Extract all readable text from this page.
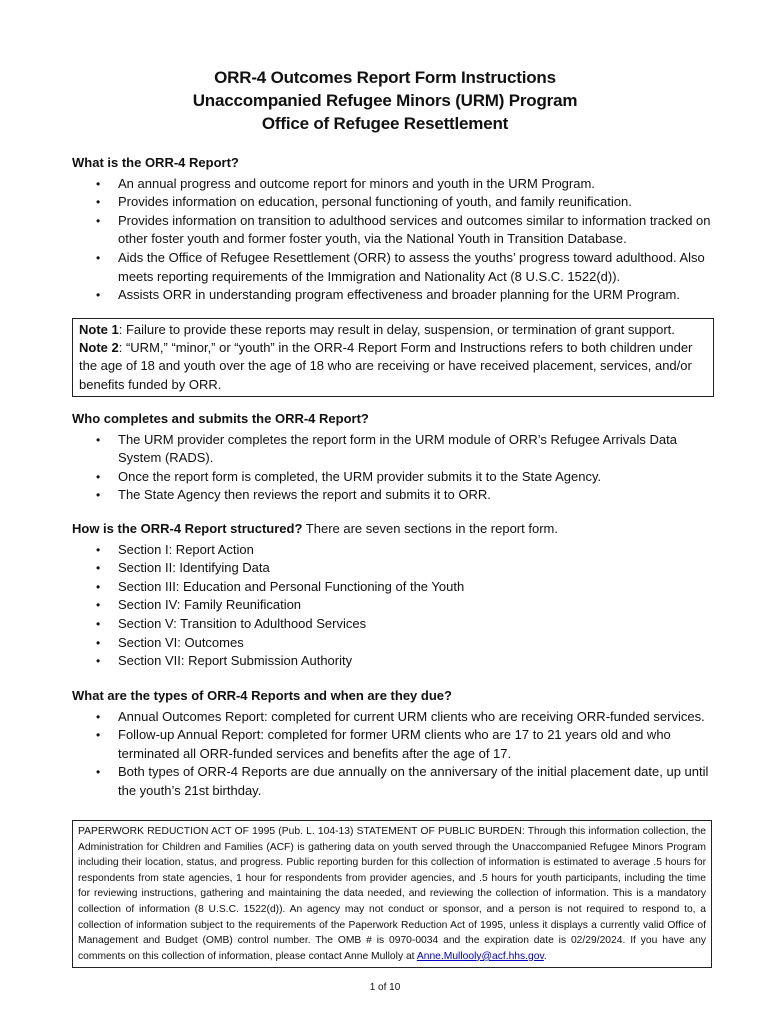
ORR-4 Outcomes Report Form Instructions
Unaccompanied Refugee Minors (URM) Program
Office of Refugee Resettlement
What is the ORR-4 Report?
• An annual progress and outcome report for minors and youth in the URM Program.
• Provides information on education, personal functioning of youth, and family reunification.
• Provides information on transition to adulthood services and outcomes similar to information tracked on other foster youth and former foster youth, via the National Youth in Transition Database.
• Aids the Office of Refugee Resettlement (ORR) to assess the youths’ progress toward adulthood. Also meets reporting requirements of the Immigration and Nationality Act (8 U.S.C. 1522(d)).
• Assists ORR in understanding program effectiveness and broader planning for the URM Program.
Note 1: Failure to provide these reports may result in delay, suspension, or termination of grant support.
Note 2: “URM,” “minor,” or “youth” in the ORR-4 Report Form and Instructions refers to both children under the age of 18 and youth over the age of 18 who are receiving or have received placement, services, and/or benefits funded by ORR.
Who completes and submits the ORR-4 Report?
• The URM provider completes the report form in the URM module of ORR’s Refugee Arrivals Data System (RADS).
• Once the report form is completed, the URM provider submits it to the State Agency.
• The State Agency then reviews the report and submits it to ORR.
How is the ORR-4 Report structured? There are seven sections in the report form.
• Section I: Report Action
• Section II: Identifying Data
• Section III: Education and Personal Functioning of the Youth
• Section IV: Family Reunification
• Section V: Transition to Adulthood Services
• Section VI: Outcomes
• Section VII: Report Submission Authority
What are the types of ORR-4 Reports and when are they due?
• Annual Outcomes Report: completed for current URM clients who are receiving ORR-funded services.
• Follow-up Annual Report: completed for former URM clients who are 17 to 21 years old and who terminated all ORR-funded services and benefits after the age of 17.
• Both types of ORR-4 Reports are due annually on the anniversary of the initial placement date, up until the youth’s 21st birthday.
PAPERWORK REDUCTION ACT OF 1995 (Pub. L. 104-13) STATEMENT OF PUBLIC BURDEN: Through this information collection, the Administration for Children and Families (ACF) is gathering data on youth served through the Unaccompanied Refugee Minors Program including their location, status, and progress. Public reporting burden for this collection of information is estimated to average .5 hours for respondents from state agencies, 1 hour for respondents from provider agencies, and .5 hours for youth participants, including the time for reviewing instructions, gathering and maintaining the data needed, and reviewing the collection of information. This is a mandatory collection of information (8 U.S.C. 1522(d)). An agency may not conduct or sponsor, and a person is not required to respond to, a collection of information subject to the requirements of the Paperwork Reduction Act of 1995, unless it displays a currently valid Office of Management and Budget (OMB) control number. The OMB # is 0970-0034 and the expiration date is 02/29/2024. If you have any comments on this collection of information, please contact Anne Mulloly at Anne.Mullooly@acf.hhs.gov.
1 of 10
